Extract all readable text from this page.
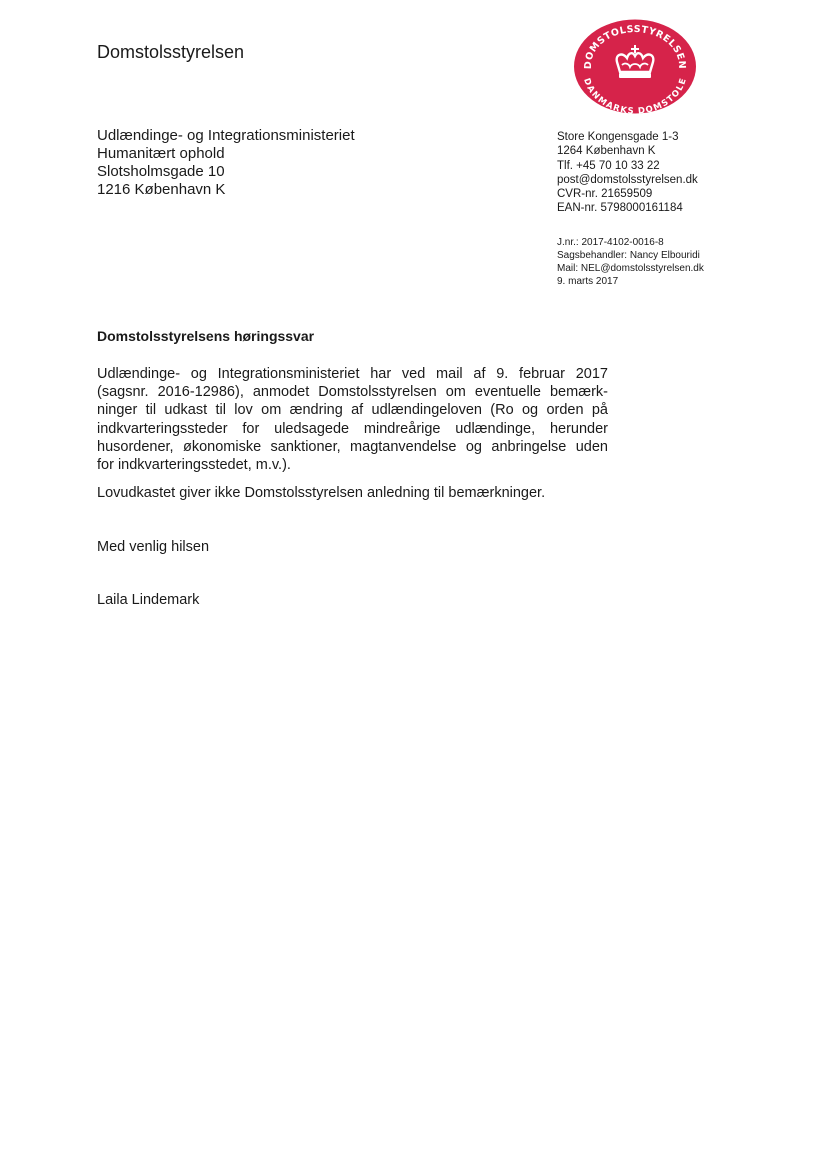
Domstolsstyrelsen
DOMSTOLSSTYRELSEN
DANMARKS DOMSTOLE
Udlændinge- og Integrationsministeriet
Humanitært ophold
Slotsholmsgade 10
1216 København K
Store Kongensgade 1-3
1264 København K
Tlf. +45 70 10 33 22
post@domstolsstyrelsen.dk
CVR-nr. 21659509
EAN-nr. 5798000161184
J.nr.: 2017-4102-0016-8
Sagsbehandler: Nancy Elbouridi
Mail: NEL@domstolsstyrelsen.dk
9. marts 2017
Domstolsstyrelsens høringssvar
Udlændinge- og Integrationsministeriet har ved mail af 9. februar 2017
(sagsnr. 2016-12986), anmodet Domstolsstyrelsen om eventuelle bemærk-
ninger til udkast til lov om ændring af udlændingeloven (Ro og orden på
indkvarteringssteder for uledsagede mindreårige udlændinge, herunder
husordener, økonomiske sanktioner, magtanvendelse og anbringelse uden
for indkvarteringsstedet, m.v.).
Lovudkastet giver ikke Domstolsstyrelsen anledning til bemærkninger.
Med venlig hilsen
Laila Lindemark
